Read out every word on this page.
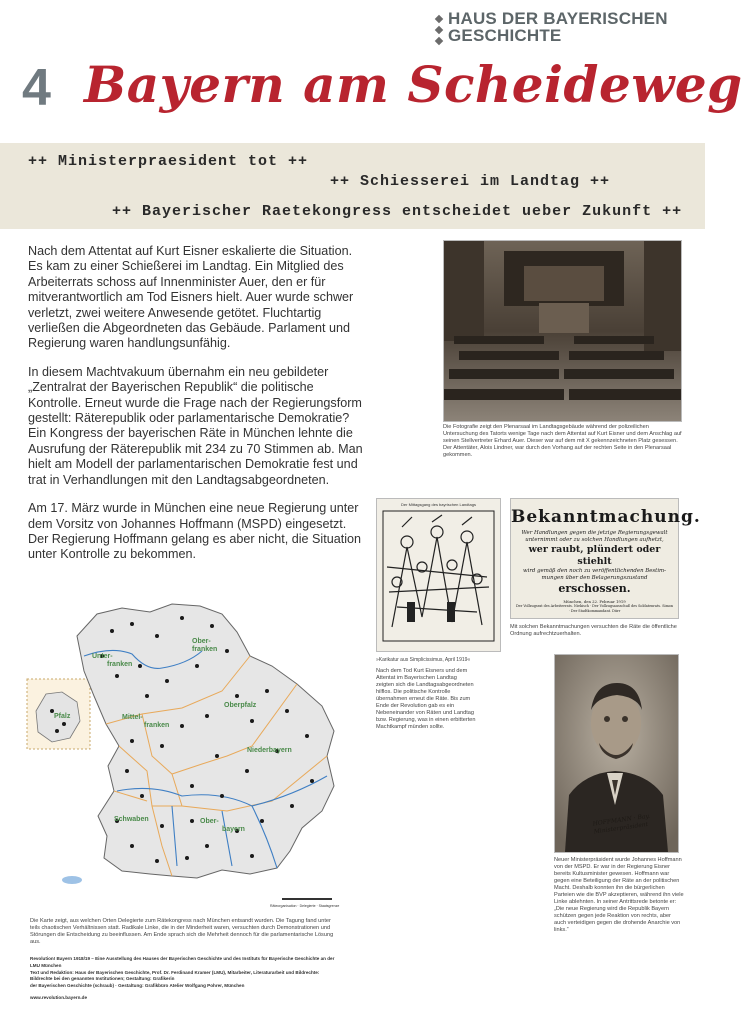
HAUS DER BAYERISCHEN
GESCHICHTE
4 Bayern am Scheideweg
++ Ministerpraesident tot ++
++ Schiesserei im Landtag ++
++ Bayerischer Raetekongress entscheidet ueber Zukunft ++

Nach dem Attentat auf Kurt Eisner eskalierte die Situation. Es kam zu einer Schießerei im Landtag. Ein Mitglied des Arbeiterrats schoss auf Innenminister Auer, den er für mitverantwortlich am Tod Eisners hielt. Auer wurde schwer verletzt, zwei weitere Anwesende getötet. Fluchtartig verließen die Abgeordneten das Gebäude. Parlament und Regierung waren handlungsunfähig.

In diesem Machtvakuum übernahm ein neu gebildeter „Zentralrat der Bayerischen Republik“ die politische Kontrolle. Erneut wurde die Frage nach der Regierungsform gestellt: Räterepublik oder parlamentarische Demokratie?

Ein Kongress der bayerischen Räte in München lehnte die Ausrufung der Räterepublik mit 234 zu 70 Stimmen ab. Man hielt am Modell der parlamentarischen Demokratie fest und trat in Verhandlungen mit den Landtagsabgeordneten.

Am 17. März wurde in München eine neue Regierung unter dem Vorsitz von Johannes Hoffmann (MSPD) eingesetzt. Der Regierung Hoffmann gelang es aber nicht, die Situation unter Kontrolle zu bekommen.

Die Fotografie zeigt den Plenarsaal im Landtagsgebäude während der polizeilichen Untersuchung des Tatorts wenige Tage nach dem Attentat auf Kurt Eisner und dem Anschlag auf seinen Stellvertreter Erhard Auer. Dieser war auf dem mit X gekennzeichneten Platz gesessen. Der Attentäter, Alois Lindner, war durch den Vorhang auf der rechten Seite in den Plenarsaal gekommen.
Der Mittagsgang des bayrischen Landtags
»Karikatur aus Simplicissimus, April 1919«
Nach dem Tod Kurt Eisners und dem Attentat im Bayerischen Landtag zeigten sich die Landtagsabgeordneten hilflos. Die politische Kontrolle übernahmen erneut die Räte. Bis zum Ende der Revolution gab es ein Nebeneinander von Räten und Landtag bzw. Regierung, was in einen erbitterten Machtkampf münden sollte.
Bekanntmachung.
Wer Handlungen gegen die jetzige Regierungsgewalt
unternimmt oder zu solchen Handlungen aufhetzt,
wer raubt, plündert oder stiehlt
wird gemäß den noch zu veröffentlichenden Bestim-
mungen über den Belagerungszustand
erschossen.
München, den 22. Februar 1919
Der Vollzugsrat des Arbeiterrats. Niekisch · Der Vollzugsausschuß des Soldatenrats. Simon · Der Stadtkommandant. Dürr
Mit solchen Bekanntmachungen versuchten die Räte die öffentliche Ordnung aufrechtzuerhalten.
HOFFMANN · Bay. Ministerpräsident
Neuer Ministerpräsident wurde Johannes Hoffmann von der MSPD. Er war in der Regierung Eisner bereits Kultusminister gewesen. Hoffmann war gegen eine Beteiligung der Räte an der politischen Macht. Deshalb konnten ihn die bürgerlichen Parteien wie die BVP akzeptieren, während ihn viele Linke ablehnten. In seiner Antrittsrede betonte er: „Die neue Regierung wird die Republik Bayern schützen gegen jede Reaktion von rechts, aber auch verteidigen gegen die drohende Anarchie von links.“
Unter-
franken
Ober-
franken
Mittel-
franken
Oberpfalz
Pfalz
Niederbayern
Schwaben	Ober-
bayern
Räteorganisation · Delegierte · Staatsgrenze
Die Karte zeigt, aus welchen Orten Delegierte zum Rätekongress nach München entsandt wurden. Die Tagung fand unter teils chaotischen Verhältnissen statt. Radikale Linke, die in der Minderheit waren, versuchten durch Demonstrationen und Störungen die Entscheidung zu beeinflussen. Am Ende sprach sich die Mehrheit dennoch für die parlamentarische Lösung aus.
Revolution! Bayern 1918/19 – Eine Ausstellung des Hauses der Bayerischen Geschichte und des Instituts für Bayerische Geschichte an der LMU München
Text und Redaktion: Haus der Bayerischen Geschichte, Prof. Dr. Ferdinand Kramer (LMU), Mitarbeiter, Literaturarbeit und Bildrechte: Bildrechte bei den genannten Institutionen; Gestaltung: Grafikerin
der Bayerischen Geschichte (schraub) · Gestaltung: Grafikbüro Atelier Wolfgang Pohrer, München
www.revolution.bayern.de
